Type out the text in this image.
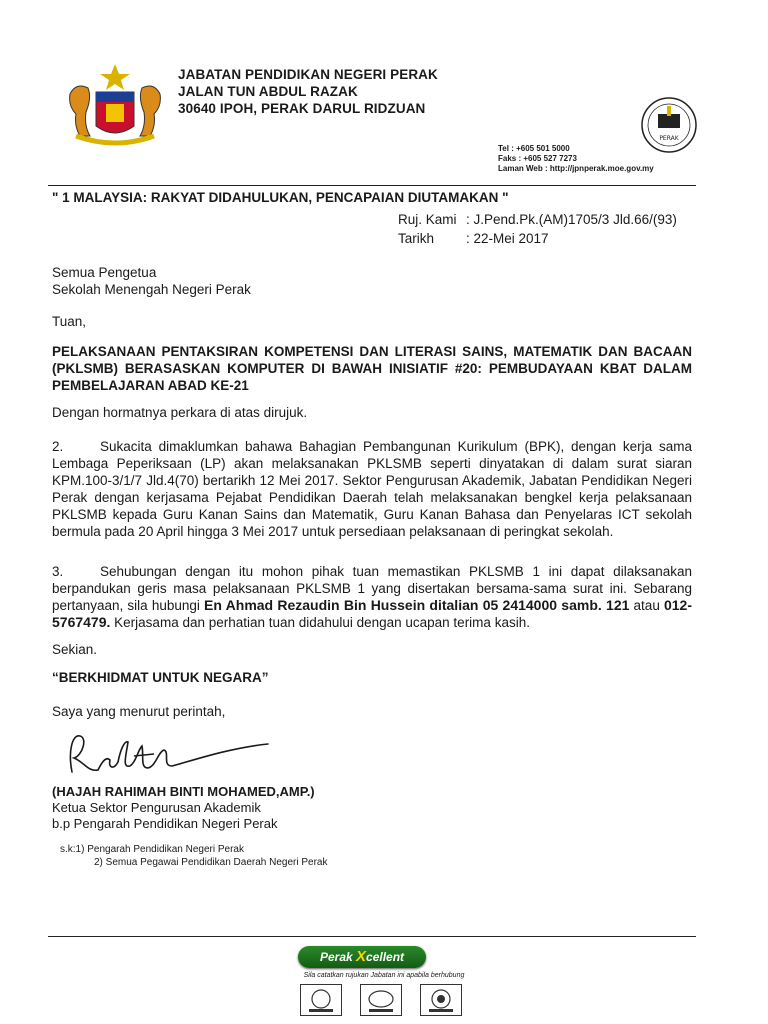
JABATAN PENDIDIKAN NEGERI PERAK
JALAN TUN ABDUL RAZAK
30640 IPOH, PERAK DARUL RIDZUAN
PERAK
Tel : +605 501 5000
Faks : +605 527 7273
Laman Web : http://jpnperak.moe.gov.my
" 1 MALAYSIA: RAKYAT DIDAHULUKAN, PENCAPAIAN DIUTAMAKAN "
Ruj. Kami : J.Pend.Pk.(AM)1705/3 Jld.66/(93)
Tarikh : 22-Mei 2017
Semua Pengetua
Sekolah Menengah Negeri Perak
Tuan,
PELAKSANAAN PENTAKSIRAN KOMPETENSI DAN LITERASI SAINS, MATEMATIK DAN BACAAN (PKLSMB) BERASASKAN KOMPUTER DI BAWAH INISIATIF #20: PEMBUDAYAAN KBAT DALAM PEMBELAJARAN ABAD KE-21
Dengan hormatnya perkara di atas dirujuk.
2.	Sukacita dimaklumkan bahawa Bahagian Pembangunan Kurikulum (BPK), dengan kerja sama Lembaga Peperiksaan (LP) akan melaksanakan PKLSMB seperti dinyatakan di dalam surat siaran KPM.100-3/1/7 Jld.4(70) bertarikh 12 Mei 2017. Sektor Pengurusan Akademik, Jabatan Pendidikan Negeri Perak dengan kerjasama Pejabat Pendidikan Daerah telah melaksanakan bengkel kerja pelaksanaan PKLSMB kepada Guru Kanan Sains dan Matematik, Guru Kanan Bahasa dan Penyelaras ICT sekolah bermula pada 20 April hingga 3 Mei 2017 untuk persediaan pelaksanaan di peringkat sekolah.
3.	Sehubungan dengan itu mohon pihak tuan memastikan PKLSMB 1 ini dapat dilaksanakan berpandukan geris masa pelaksanaan PKLSMB 1 yang disertakan bersama-sama surat ini. Sebarang pertanyaan, sila hubungi En Ahmad Rezaudin Bin Hussein ditalian 05 2414000 samb. 121 atau 012-5767479. Kerjasama dan perhatian tuan didahului dengan ucapan terima kasih.
Sekian.
“BERKHIDMAT UNTUK NEGARA”
Saya yang menurut perintah,
(HAJAH RAHIMAH BINTI MOHAMED,AMP.)
Ketua Sektor Pengurusan Akademik
b.p Pengarah Pendidikan Negeri Perak
s.k:1) Pengarah Pendidikan Negeri Perak
2) Semua Pegawai Pendidikan Daerah Negeri Perak
Perak Xcellent
Sila catatkan rujukan Jabatan ini apabila berhubung
